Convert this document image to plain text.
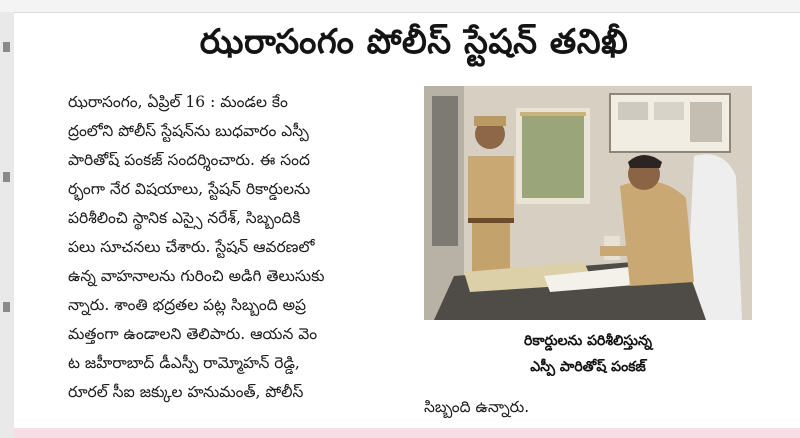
ఝరాసంగం పోలీస్ స్టేషన్ తనిఖీ
ఝరాసంగం, ఏప్రిల్ 16 : మండల కేం
ద్రంలోని పోలీస్ స్టేషన్‌ను బుధవారం ఎస్పీ
పారితోష్ పంకజ్ సందర్శించారు. ఈ సంద
ర్భంగా నేర విషయాలు, స్టేషన్ రికార్డులను
పరిశీలించి స్థానిక ఎస్సై నరేశ్, సిబ్బందికి
పలు సూచనలు చేశారు. స్టేషన్ ఆవరణలో
ఉన్న వాహనాలను గురించి అడిగి తెలుసుకు
న్నారు. శాంతి భద్రతల పట్ల సిబ్బంది అప్ర
మత్తంగా ఉండాలని తెలిపారు. ఆయన వెం
ట జహీరాబాద్ డీఎస్పీ రామ్మోహన్ రెడ్డి,
రూరల్ సీఐ జక్కుల హనుమంత్, పోలీస్
రికార్డులను పరిశీలిస్తున్న
ఎస్పీ పారితోష్ పంకజ్
సిబ్బంది ఉన్నారు.
